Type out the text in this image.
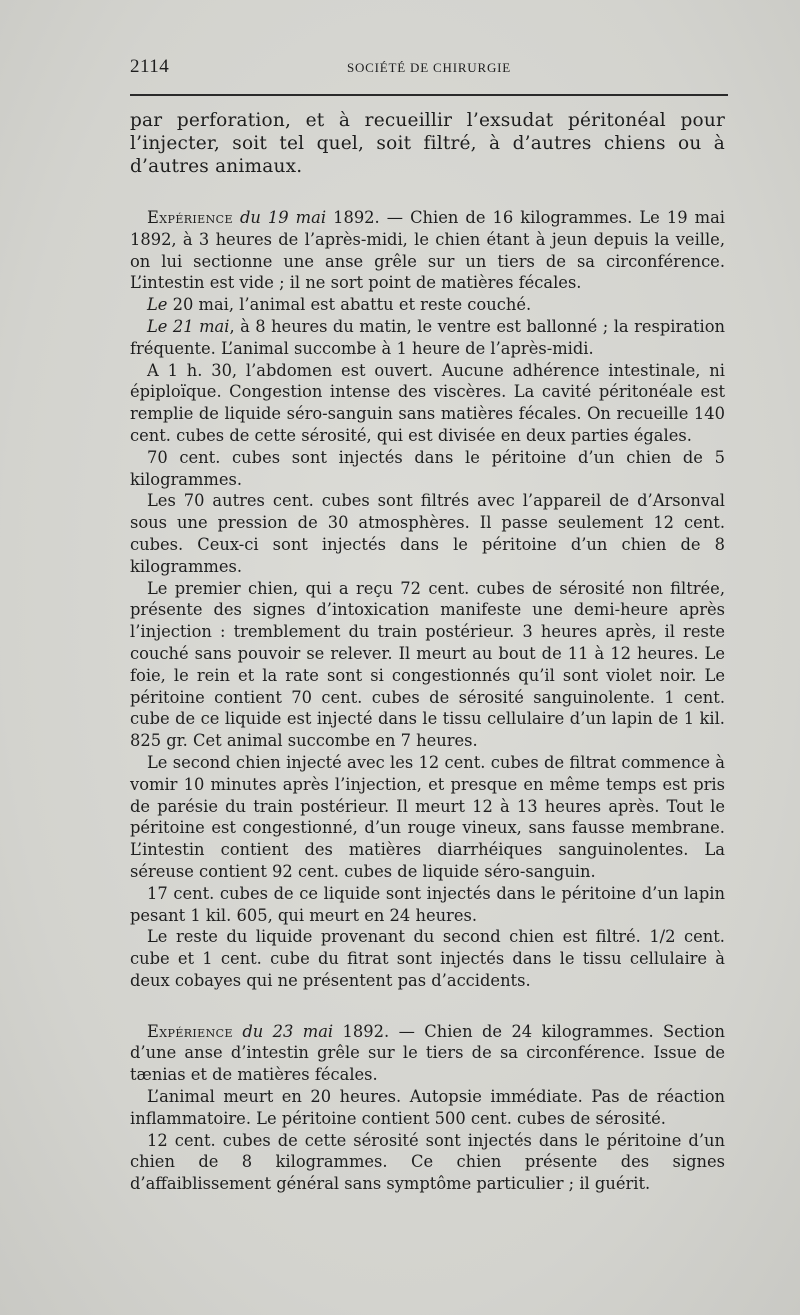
2114	SOCIÉTÉ DE CHIRURGIE

par perforation, et à recueillir l’exsudat péritonéal pour l’injecter, soit tel quel, soit filtré, à d’autres chiens ou à d’autres animaux.

Expérience du 19 mai 1892. — Chien de 16 kilogrammes. Le 19 mai 1892, à 3 heures de l’après-midi, le chien étant à jeun depuis la veille, on lui sectionne une anse grêle sur un tiers de sa circonférence. L’intestin est vide ; il ne sort point de matières fécales.

Le 20 mai, l’animal est abattu et reste couché.

Le 21 mai, à 8 heures du matin, le ventre est ballonné ; la respiration fréquente. L’animal succombe à 1 heure de l’après-midi.

A 1 h. 30, l’abdomen est ouvert. Aucune adhérence intestinale, ni épiploïque. Congestion intense des viscères. La cavité péritonéale est remplie de liquide séro-sanguin sans matières fécales. On recueille 140 cent. cubes de cette sérosité, qui est divisée en deux parties égales.

70 cent. cubes sont injectés dans le péritoine d’un chien de 5 kilogrammes.

Les 70 autres cent. cubes sont filtrés avec l’appareil de d’Arsonval sous une pression de 30 atmosphères. Il passe seulement 12 cent. cubes. Ceux-ci sont injectés dans le péritoine d’un chien de 8 kilogrammes.

Le premier chien, qui a reçu 72 cent. cubes de sérosité non filtrée, présente des signes d’intoxication manifeste une demi-heure après l’injection : tremblement du train postérieur. 3 heures après, il reste couché sans pouvoir se relever. Il meurt au bout de 11 à 12 heures. Le foie, le rein et la rate sont si congestionnés qu’il sont violet noir. Le péritoine contient 70 cent. cubes de sérosité sanguinolente. 1 cent. cube de ce liquide est injecté dans le tissu cellulaire d’un lapin de 1 kil. 825 gr. Cet animal succombe en 7 heures.

Le second chien injecté avec les 12 cent. cubes de filtrat commence à vomir 10 minutes après l’injection, et presque en même temps est pris de parésie du train postérieur. Il meurt 12 à 13 heures après. Tout le péritoine est congestionné, d’un rouge vineux, sans fausse membrane. L’intestin contient des matières diarrhéiques sanguinolentes. La séreuse contient 92 cent. cubes de liquide séro-sanguin.

17 cent. cubes de ce liquide sont injectés dans le péritoine d’un lapin pesant 1 kil. 605, qui meurt en 24 heures.

Le reste du liquide provenant du second chien est filtré. 1/2 cent. cube et 1 cent. cube du fitrat sont injectés dans le tissu cellulaire à deux cobayes qui ne présentent pas d’accidents.

Expérience du 23 mai 1892. — Chien de 24 kilogrammes. Section d’une anse d’intestin grêle sur le tiers de sa circonférence. Issue de tænias et de matières fécales.

L’animal meurt en 20 heures. Autopsie immédiate. Pas de réaction inflammatoire. Le péritoine contient 500 cent. cubes de sérosité.

12 cent. cubes de cette sérosité sont injectés dans le péritoine d’un chien de 8 kilogrammes. Ce chien présente des signes d’affaiblissement général sans symptôme particulier ; il guérit.
